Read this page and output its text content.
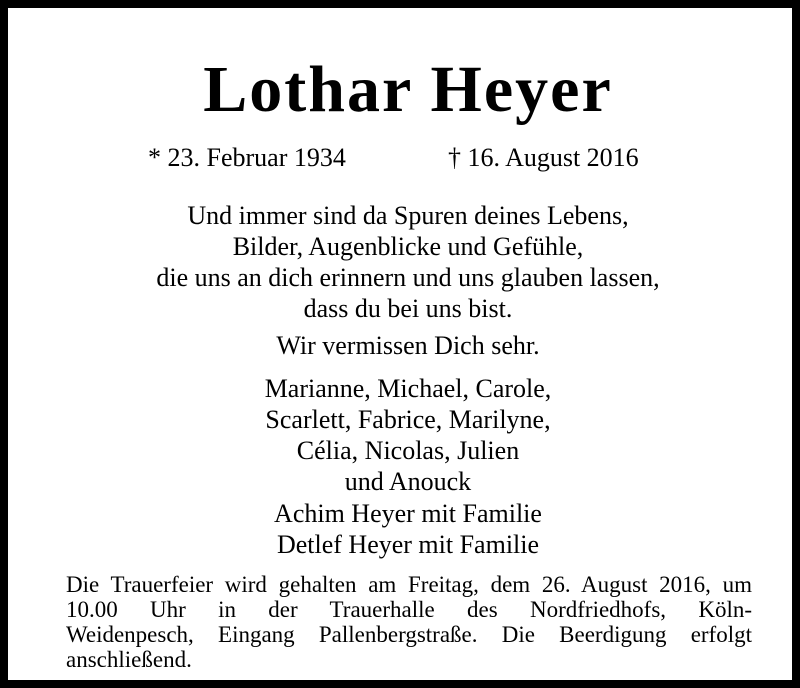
Lothar Heyer
* 23. Februar 1934	† 16. August 2016
Und immer sind da Spuren deines Lebens,
Bilder, Augenblicke und Gefühle,
die uns an dich erinnern und uns glauben lassen,
dass du bei uns bist.
Wir vermissen Dich sehr.
Marianne, Michael, Carole,
Scarlett, Fabrice, Marilyne,
Célia, Nicolas, Julien
und Anouck
Achim Heyer mit Familie
Detlef Heyer mit Familie
Die Trauerfeier wird gehalten am Freitag, dem 26. August 2016, um
10.00 Uhr in der Trauerhalle des Nordfriedhofs, Köln-
Weidenpesch, Eingang Pallenbergstraße. Die Beerdigung erfolgt
anschließend.
